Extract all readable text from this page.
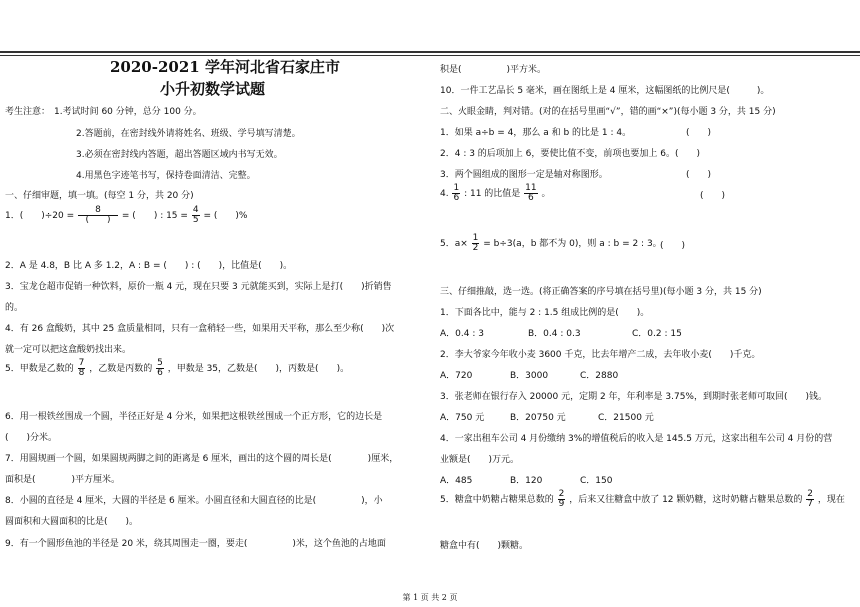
2020-2021 学年河北省石家庄市
小升初数学试题
考生注意： 1.考试时间 60 分钟，总分 100 分。
2.答题前，在密封线外请将姓名、班级、学号填写清楚。
3.必须在密封线内答题，超出答题区域内书写无效。
4.用黑色字迹笔书写，保持卷面清洁、完整。
一、仔细审题，填一填。(每空 1 分，共 20 分)
1．(　　)$\div 20 = \frac{8}{( )}$ = (　　) : $15 = \frac{4}{5}$ = (　　)%
2．A 是 4.8，B 比 A 多 1.2，A : B = (　　) : (　　)，比值是(　　)。
3．宝龙仓超市促销一种饮料，原价一瓶 4 元，现在只要 3 元就能买到，实际上是打(　　)折销售
的。
4．有 26 盒酸奶，其中 25 盒质量相同，只有一盒稍轻一些，如果用天平称，那么至少称(　　)次
就一定可以把这盒酸奶找出来。
5．甲数是乙数的 $\frac{7}{8}$ ，乙数是丙数的 $\frac{5}{6}$ ，甲数是 35，乙数是(　　)，丙数是(　　)。
6．用一根铁丝围成一个圆，半径正好是 4 分米，如果把这根铁丝围成一个正方形，它的边长是
(　　)分米。
7．用圆规画一个圆，如果圆规两脚之间的距离是 6 厘米，画出的这个圆的周长是(　　　　)厘米，
面积是(　　　　)平方厘米。
8．小圆的直径是 4 厘米，大圆的半径是 6 厘米。小圆直径和大圆直径的比是(　　　　　)，小
圆面积和大圆面积的比是(　　)。
9．有一个圆形鱼池的半径是 20 米，绕其周围走一圈，要走(　　　　　)米，这个鱼池的占地面
积是(　　　　　)平方米。
10．一件工艺品长 5 毫米，画在图纸上是 4 厘米，这幅图纸的比例尺是(　　　)。
二、火眼金睛，判对错。(对的在括号里画“√”，错的画“×”)(每小题 3 分，共 15 分)
1．如果 a÷b = 4，那么 a 和 b 的比是 1 : 4。	(　　)
2．4 : 3 的后项加上 6，要使比值不变，前项也要加上 6。(　　)
3．两个圆组成的图形一定是轴对称图形。	(　　)
4. $\frac{1}{6}$ : 11 的比值是 $\frac{11}{6}$ 。	(　　)
5．$a\times \frac{1}{2} = b\div 3(a$，b 都不为 0)，则 a : b = 2 : 3。
(　　)
三、仔细推敲，选一选。(将正确答案的序号填在括号里)(每小题 3 分，共 15 分)
1．下面各比中，能与 2 : 1.5 组成比例的是(　　)。
A．0.4 : 3	B．0.4 : 0.3	C．0.2 : 15
2．李大爷家今年收小麦 3600 千克，比去年增产二成，去年收小麦(　　)千克。
A．720	B．3000	C．2880
3．张老师在银行存入 20000 元，定期 2 年，年利率是 3.75%，到期时张老师可取回(　　)钱。
A．750 元	B．20750 元	C．21500 元
4．一家出租车公司 4 月份缴纳 3%的增值税后的收入是 145.5 万元，这家出租车公司 4 月份的营
业额是(　　)万元。
A．485	B．120	C．150
5．糖盒中奶糖占糖果总数的 $\frac{2}{9}$ ，后来又往糖盒中放了 12 颗奶糖，这时奶糖占糖果总数的 $\frac{2}{7}$ ，现在
糖盒中有(　　)颗糖。
第 1 页 共 2 页
